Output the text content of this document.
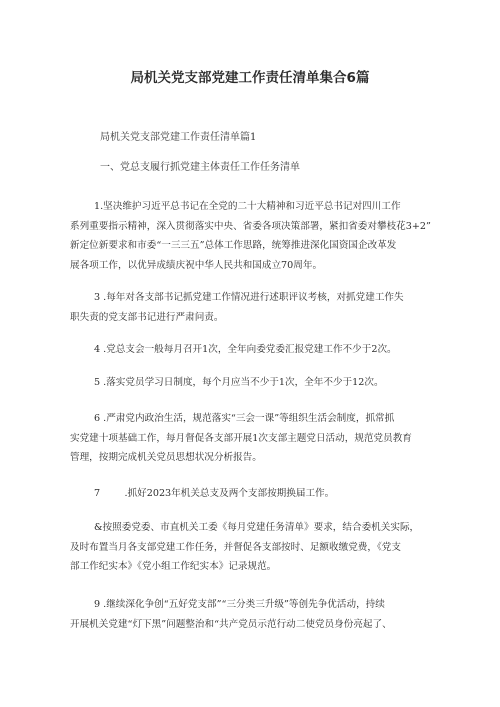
局机关党支部党建工作责任清单集合6篇
局机关党支部党建工作责任清单篇1
一、党总支履行抓党建主体责任工作任务清单
1.坚决维护习近平总书记在全党的二十大精神和习近平总书记对四川工作
系列重要指示精神，深入贯彻落实中央、省委各项决策部署，紧扣省委对攀枝花3+2”
新定位新要求和市委“一三三五”总体工作思路，统筹推进深化国资国企改革发
展各项工作，以优异成绩庆祝中华人民共和国成立70周年。
3 .每年对各支部书记抓党建工作情况进行述职评议考核，对抓党建工作失
职失责的党支部书记进行严肃问责。
4 .党总支会一般每月召开1次，全年向委党委汇报党建工作不少于2次。
5 .落实党员学习日制度，每个月应当不少于1次，全年不少于12次。
6 .严肃党内政治生活，规范落实“三会一课”等组织生活会制度，抓常抓
实党建十项基础工作，每月督促各支部开展1次支部主题党日活动，规范党员教育
管理，按期完成机关党员思想状况分析报告。
7        .抓好2023年机关总支及两个支部按期换届工作。
&按照委党委、市直机关工委《每月党建任务清单》要求，结合委机关实际，
及时布置当月各支部党建工作任务，并督促各支部按时、足额收缴党费，《党支
部工作纪实本》《党小组工作纪实本》记录规范。
9 .继续深化争创“五好党支部”“三分类三升级”等创先争优活动，持续
开展机关党建“灯下黑”问题整治和“共产党员示范行动二使党员身份亮起了、
